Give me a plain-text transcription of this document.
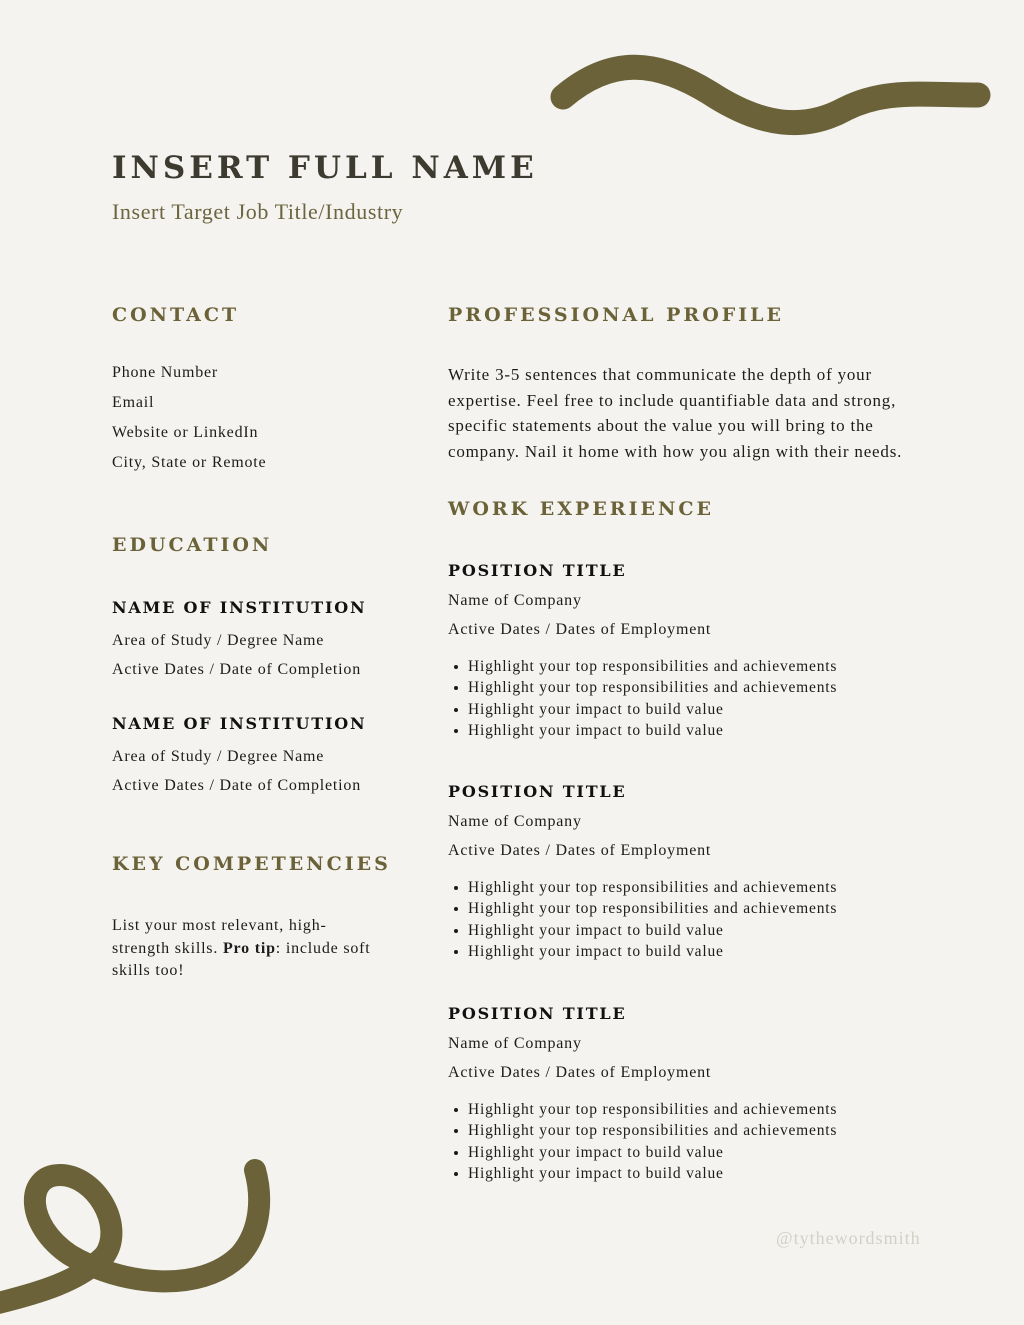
INSERT FULL NAME

Insert Target Job Title/Industry

CONTACT

Phone Number

Email

Website or LinkedIn

City, State or Remote

EDUCATION
NAME OF INSTITUTION

Area of Study / Degree Name

Active Dates / Date of Completion

NAME OF INSTITUTION

Area of Study / Degree Name

Active Dates / Date of Completion

KEY COMPETENCIES

List your most relevant, high-strength skills. Pro tip: include soft skills too!

PROFESSIONAL PROFILE

Write 3-5 sentences that communicate the depth of your expertise. Feel free to include quantifiable data and strong, specific statements about the value you will bring to the company. Nail it home with how you align with their needs.

WORK EXPERIENCE
POSITION TITLE

Name of Company

Active Dates / Dates of Employment

Highlight your top responsibilities and achievements
Highlight your top responsibilities and achievements
Highlight your impact to build value
Highlight your impact to build value
POSITION TITLE

Name of Company

Active Dates / Dates of Employment

Highlight your top responsibilities and achievements
Highlight your top responsibilities and achievements
Highlight your impact to build value
Highlight your impact to build value
POSITION TITLE

Name of Company

Active Dates / Dates of Employment

Highlight your top responsibilities and achievements
Highlight your top responsibilities and achievements
Highlight your impact to build value
Highlight your impact to build value

@tythewordsmith
